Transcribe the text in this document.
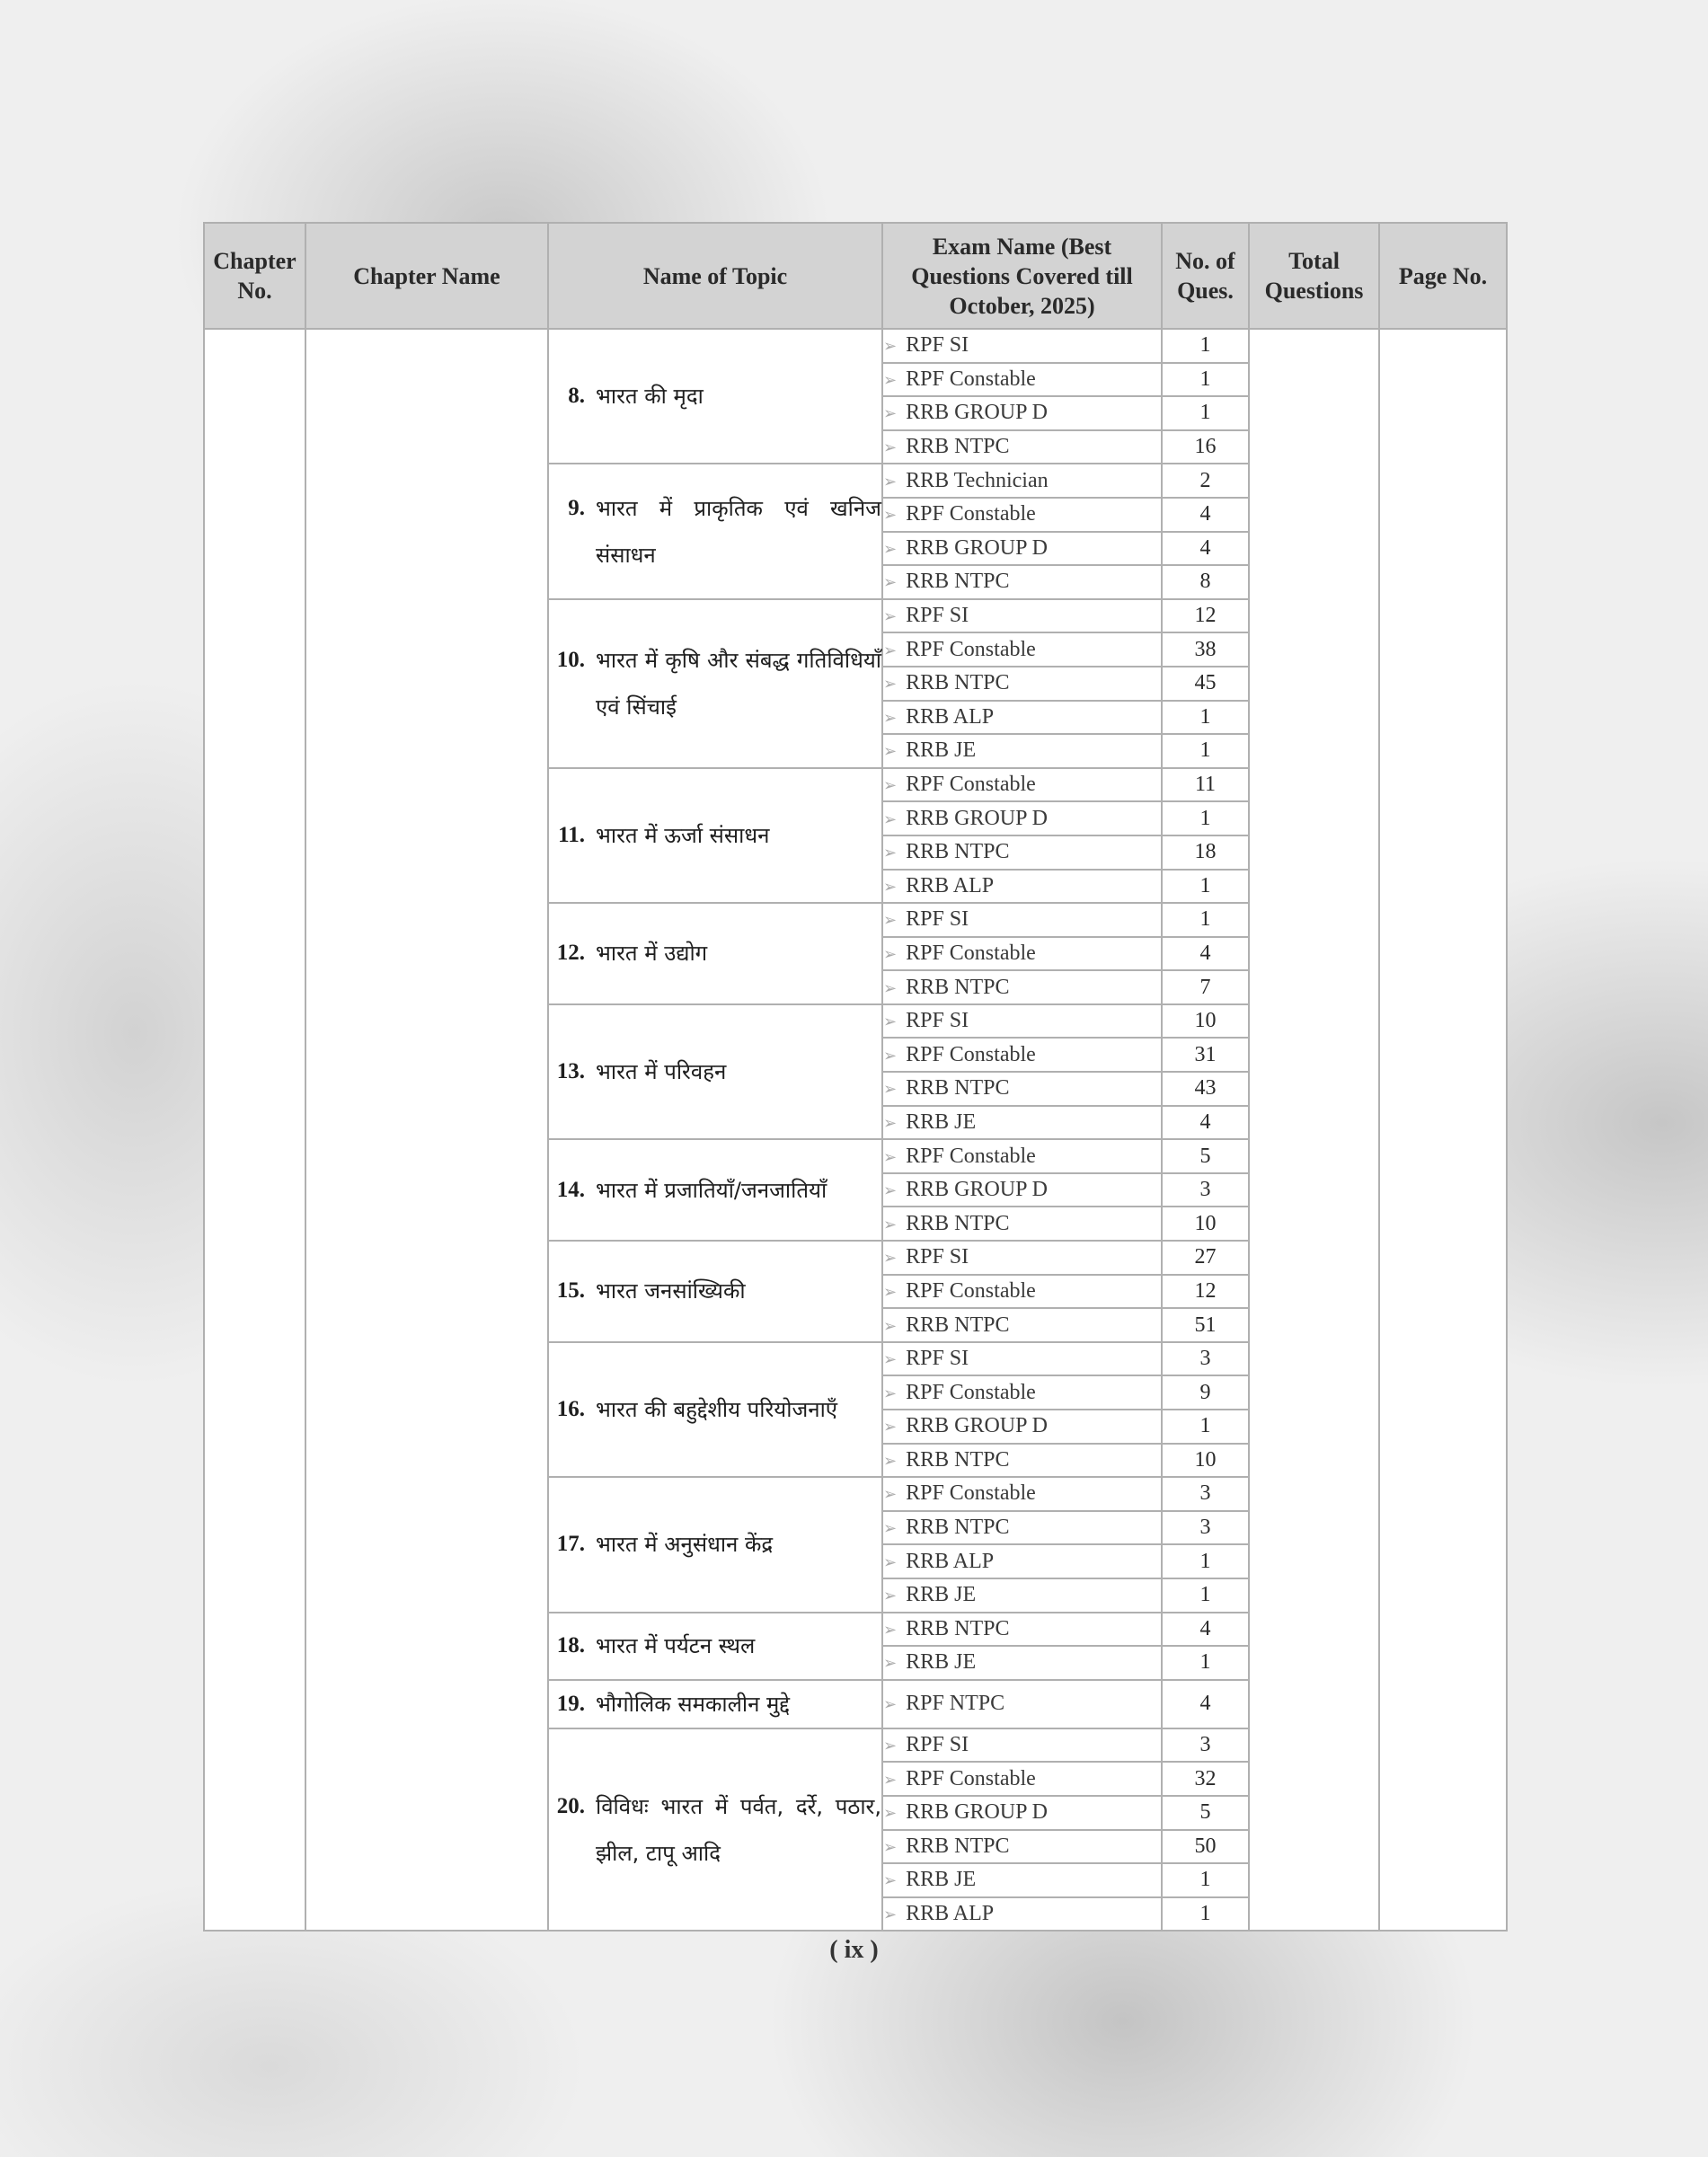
Chapter No.	Chapter Name	Name of Topic	Exam Name (Best Questions Covered till October, 2025)	No. of Ques.	Total Questions	Page No.

		8. भारत की मृदा	➢ RPF SI	1		
			➢ RPF Constable	1		
			➢ RRB GROUP D	1		
			➢ RRB NTPC	16		

		9. भारत में प्राकृतिक एवं खनिज संसाधन	➢ RRB Technician	2		
			➢ RPF Constable	4		
			➢ RRB GROUP D	4		
			➢ RRB NTPC	8		

		10. भारत में कृषि और संबद्ध गतिविधियाँ एवं सिंचाई	➢ RPF SI	12		
			➢ RPF Constable	38		
			➢ RRB NTPC	45		
			➢ RRB ALP	1		
			➢ RRB JE	1		

		11. भारत में ऊर्जा संसाधन	➢ RPF Constable	11		
			➢ RRB GROUP D	1		
			➢ RRB NTPC	18		
			➢ RRB ALP	1		

		12. भारत में उद्योग	➢ RPF SI	1		
			➢ RPF Constable	4		
			➢ RRB NTPC	7		

		13. भारत में परिवहन	➢ RPF SI	10		
			➢ RPF Constable	31		
			➢ RRB NTPC	43		
			➢ RRB JE	4		

		14. भारत में प्रजातियाँ/जनजातियाँ	➢ RPF Constable	5		
			➢ RRB GROUP D	3		
			➢ RRB NTPC	10		

		15. भारत जनसांख्यिकी	➢ RPF SI	27		
			➢ RPF Constable	12		
			➢ RRB NTPC	51		

		16. भारत की बहुद्देशीय परियोजनाएँ	➢ RPF SI	3		
			➢ RPF Constable	9		
			➢ RRB GROUP D	1		
			➢ RRB NTPC	10		

		17. भारत में अनुसंधान केंद्र	➢ RPF Constable	3		
			➢ RRB NTPC	3		
			➢ RRB ALP	1		
			➢ RRB JE	1		

		18. भारत में पर्यटन स्थल	➢ RRB NTPC	4		
			➢ RRB JE	1		

		19. भौगोलिक समकालीन मुद्दे	➢ RPF NTPC	4		

		20. विविधः भारत में पर्वत, दर्रे, पठार, झील, टापू आदि	➢ RPF SI	3		
			➢ RPF Constable	32		
			➢ RRB GROUP D	5		
			➢ RRB NTPC	50		
			➢ RRB JE	1		
			➢ RRB ALP	1		
( ix )
